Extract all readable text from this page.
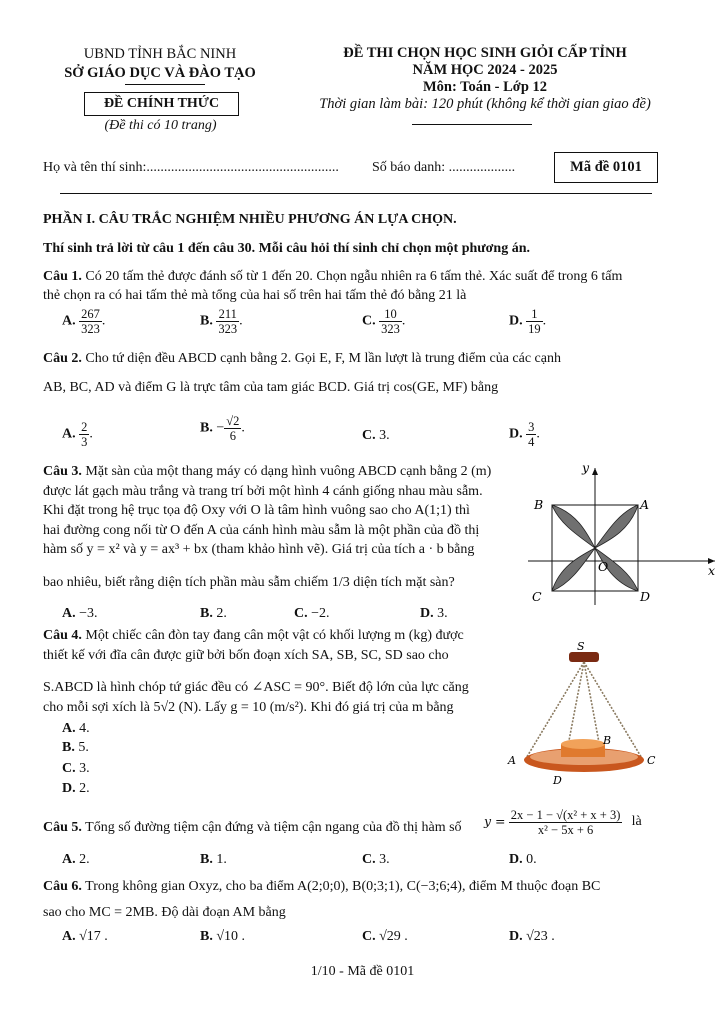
UBND TỈNH BẮC NINH
SỞ GIÁO DỤC VÀ ĐÀO TẠO
ĐỀ CHÍNH THỨC
(Đề thi có 10 trang)
ĐỀ THI CHỌN HỌC SINH GIỎI CẤP TỈNH
NĂM HỌC 2024 - 2025
Môn: Toán - Lớp 12
Thời gian làm bài: 120 phút (không kể thời gian giao đề)
Họ và tên thí sinh:....................................................... Số báo danh: ...................	Mã đề 0101
PHẦN I. CÂU TRẮC NGHIỆM NHIỀU PHƯƠNG ÁN LỰA CHỌN.
Thí sinh trả lời từ câu 1 đến câu 30. Mỗi câu hỏi thí sinh chỉ chọn một phương án.
Câu 1. Có 20 tấm thẻ được đánh số từ 1 đến 20. Chọn ngẫu nhiên ra 6 tấm thẻ. Xác suất để trong 6 tấm
thẻ chọn ra có hai tấm thẻ mà tổng của hai số trên hai tấm thẻ đó bằng 21 là
A. $\frac{267}{323}$ .	B. $\frac{211}{323}$ .	C. $\frac{10}{323}$ .	D. $\frac{1}{19}$ .
Câu 2. Cho tứ diện đều ABCD cạnh bằng 2. Gọi E, F, M lần lượt là trung điểm của các cạnh
AB, BC, AD và điểm G là trực tâm của tam giác BCD. Giá trị cos(GE, MF) bằng
A. $\frac{2}{3}$ .	B. − $\frac{√2}{6}$ .	C. 3.	D. $\frac{3}{4}$ .
Câu 3. Mặt sàn của một thang máy có dạng hình vuông ABCD cạnh bằng 2 (m)
được lát gạch màu trắng và trang trí bởi một hình 4 cánh giống nhau màu sẫm.
Khi đặt trong hệ trục tọa độ Oxy với O là tâm hình vuông sao cho A(1;1) thì
hai đường cong nối từ O đến A của cánh hình màu sẫm là một phần của đồ thị
hàm số y = x² và y = ax³ + bx (tham khảo hình vẽ). Giá trị của tích a · b bằng
bao nhiêu, biết rằng diện tích phần màu sẫm chiếm 1/3 diện tích mặt sàn?
A. −3.	B. 2.	C. −2.	D. 3.
y
x
B	A
C	D
O
Câu 4. Một chiếc cân đòn tay đang cân một vật có khối lượng m (kg) được
thiết kế với đĩa cân được giữ bởi bốn đoạn xích SA, SB, SC, SD sao cho
S.ABCD là hình chóp tứ giác đều có ∠ASC = 90°. Biết độ lớn của lực căng
cho mỗi sợi xích là 5√2 (N). Lấy g = 10 (m/s²). Khi đó giá trị của m bằng
A. 4.
B. 5.
C. 3.
D. 2.
S
A
B
C
D
Câu 5. Tổng số đường tiệm cận đứng và tiệm cận ngang của đồ thị hàm số	$y = \frac{\text{2x − 1 − √(x² + x + 3)}}{\text{x² − 5x + 6}}$ là
A. 2.	B. 1.	C. 3.	D. 0.
Câu 6. Trong không gian Oxyz, cho ba điểm A(2;0;0), B(0;3;1), C(−3;6;4), điểm M thuộc đoạn BC
sao cho MC = 2MB. Độ dài đoạn AM bằng
A. √17 .	B. √10 .	C. √29 .	D. √23 .
1/10 - Mã đề 0101
